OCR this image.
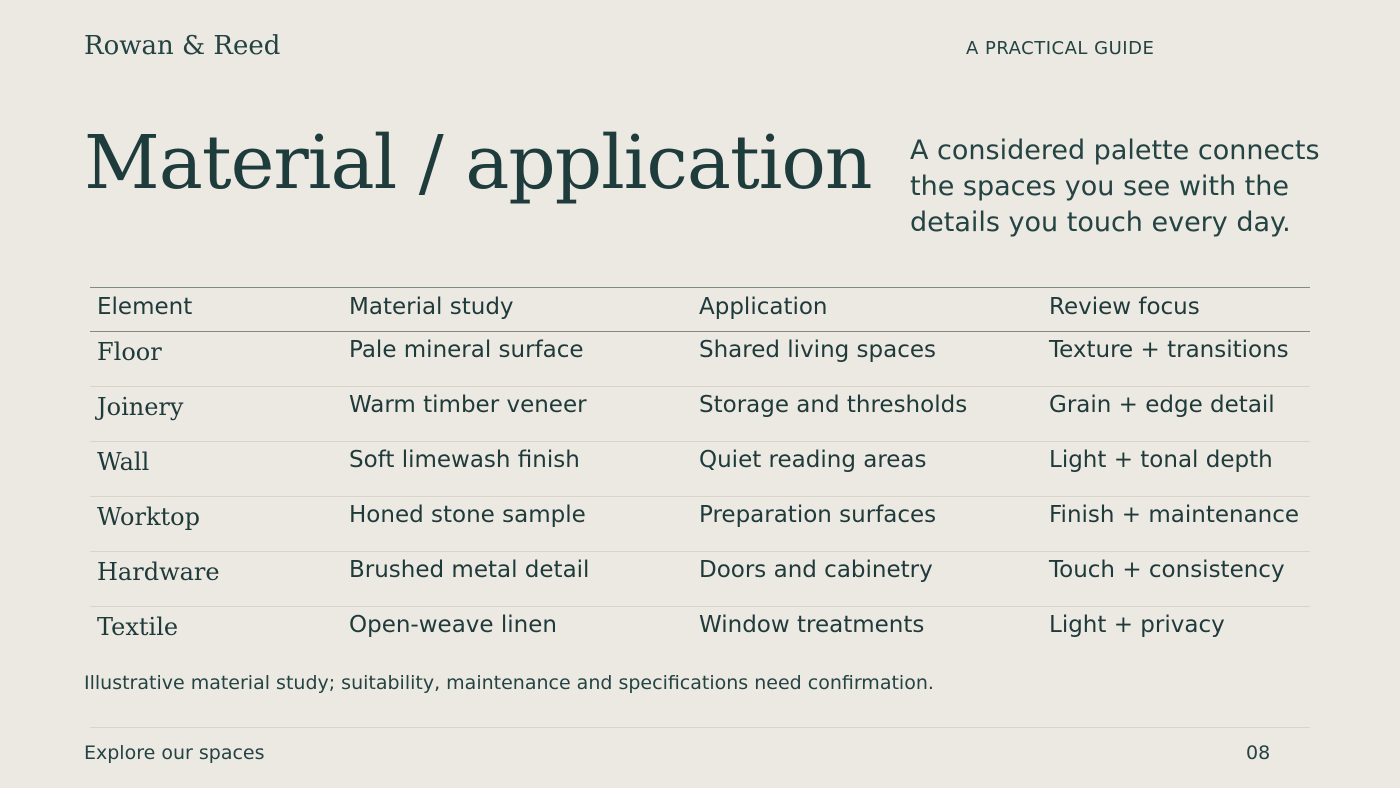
Rowan & Reed	A PRACTICAL GUIDE
Material / application A considered palette connects the spaces you see with the details you touch every day.
Element	Material study	Application	Review focus
Floor	Pale mineral surface	Shared living spaces	Texture + transitions
Joinery	Warm timber veneer	Storage and thresholds	Grain + edge detail
Wall	Soft limewash finish	Quiet reading areas	Light + tonal depth
Worktop	Honed stone sample	Preparation surfaces	Finish + maintenance
Hardware	Brushed metal detail	Doors and cabinetry	Touch + consistency
Textile	Open-weave linen	Window treatments	Light + privacy
Illustrative material study; suitability, maintenance and specifications need confirmation.
Explore our spaces	08
